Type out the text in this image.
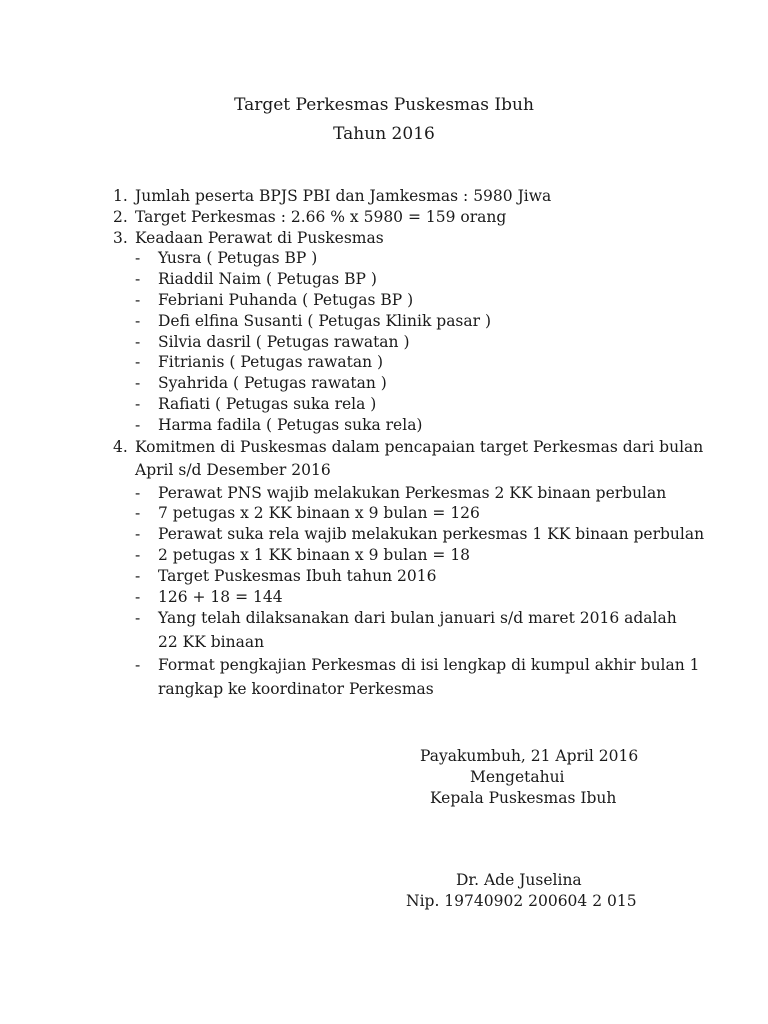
Target Perkesmas Puskesmas Ibuh
Tahun 2016
1. Jumlah peserta BPJS PBI dan Jamkesmas : 5980 Jiwa
2. Target Perkesmas : 2.66 % x 5980 = 159 orang
3. Keadaan Perawat di Puskesmas
- Yusra ( Petugas BP )
- Riaddil Naim ( Petugas BP )
- Febriani Puhanda ( Petugas BP )
- Defi elfina Susanti ( Petugas Klinik pasar )
- Silvia dasril ( Petugas rawatan )
- Fitrianis ( Petugas rawatan )
- Syahrida ( Petugas rawatan )
- Rafiati ( Petugas suka rela )
- Harma fadila ( Petugas suka rela)
4. Komitmen di Puskesmas dalam pencapaian target Perkesmas dari bulan
April s/d Desember 2016
- Perawat PNS wajib melakukan Perkesmas 2 KK binaan perbulan
- 7 petugas x 2 KK binaan x 9 bulan = 126
- Perawat suka rela wajib melakukan perkesmas 1 KK binaan perbulan
- 2 petugas x 1 KK binaan x 9 bulan = 18
- Target Puskesmas Ibuh tahun 2016
- 126 + 18 = 144
- Yang telah dilaksanakan dari bulan januari s/d maret 2016 adalah
22 KK binaan
- Format pengkajian Perkesmas di isi lengkap di kumpul akhir bulan 1
rangkap ke koordinator Perkesmas
Payakumbuh, 21 April 2016
Mengetahui
Kepala Puskesmas Ibuh
Dr. Ade Juselina
Nip. 19740902 200604 2 015
